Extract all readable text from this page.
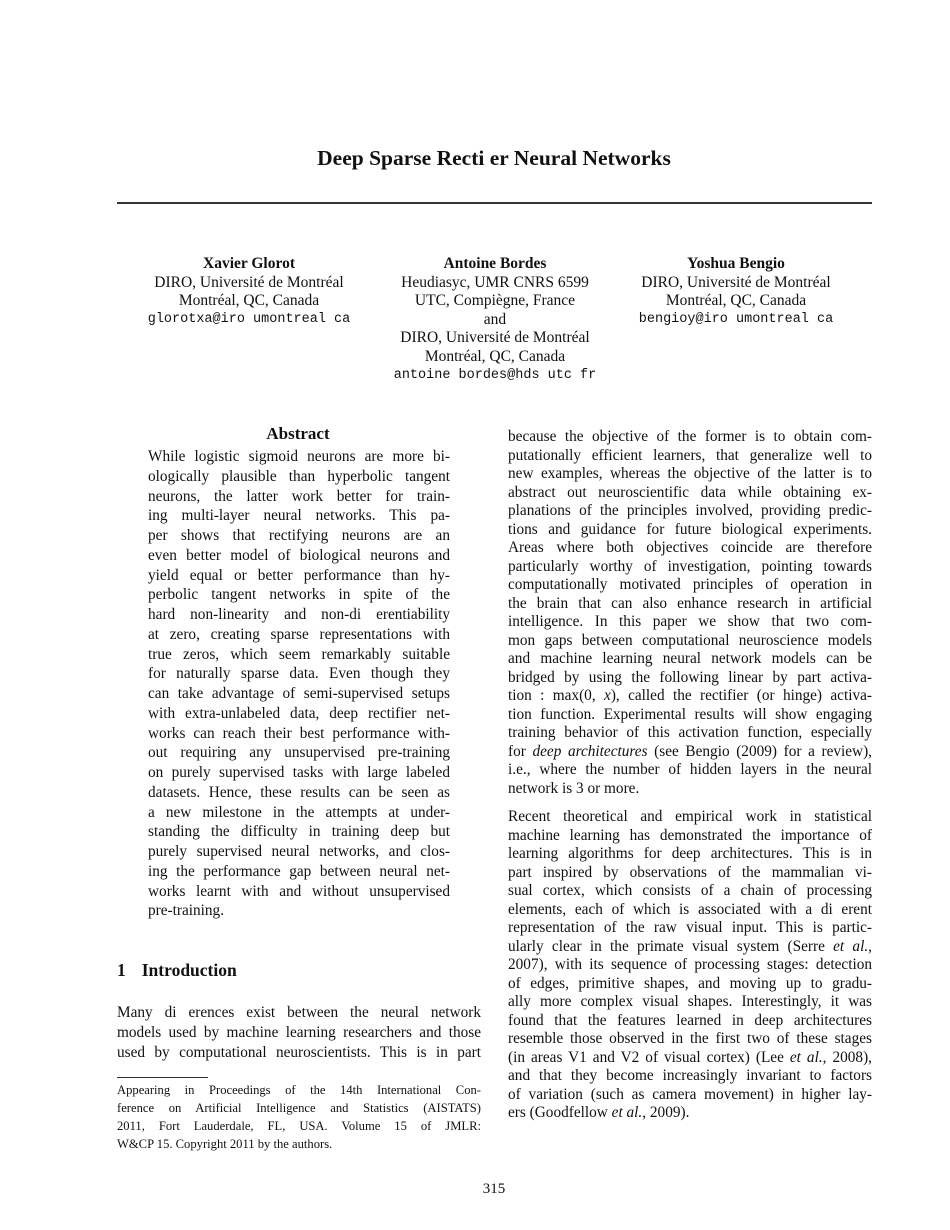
Deep Sparse Recti er Neural Networks
Xavier Glorot
DIRO, Université de Montréal
Montréal, QC, Canada
glorotxa@iro umontreal ca
Antoine Bordes
Heudiasyc, UMR CNRS 6599
UTC, Compiègne, France
and
DIRO, Université de Montréal
Montréal, QC, Canada
antoine bordes@hds utc fr
Yoshua Bengio
DIRO, Université de Montréal
Montréal, QC, Canada
bengioy@iro umontreal ca
Abstract
While logistic sigmoid neurons are more bi-
ologically plausible than hyperbolic tangent
neurons, the latter work better for train-
ing multi-layer neural networks. This pa-
per shows that rectifying neurons are an
even better model of biological neurons and
yield equal or better performance than hy-
perbolic tangent networks in spite of the
hard non-linearity and non-di erentiability
at zero, creating sparse representations with
true zeros, which seem remarkably suitable
for naturally sparse data. Even though they
can take advantage of semi-supervised setups
with extra-unlabeled data, deep rectifier net-
works can reach their best performance with-
out requiring any unsupervised pre-training
on purely supervised tasks with large labeled
datasets. Hence, these results can be seen as
a new milestone in the attempts at under-
standing the difficulty in training deep but
purely supervised neural networks, and clos-
ing the performance gap between neural net-
works learnt with and without unsupervised
pre-training.
1 Introduction
Many di erences exist between the neural network
models used by machine learning researchers and those
used by computational neuroscientists. This is in part
because the objective of the former is to obtain com-
putationally efficient learners, that generalize well to
new examples, whereas the objective of the latter is to
abstract out neuroscientific data while obtaining ex-
planations of the principles involved, providing predic-
tions and guidance for future biological experiments.
Areas where both objectives coincide are therefore
particularly worthy of investigation, pointing towards
computationally motivated principles of operation in
the brain that can also enhance research in artificial
intelligence. In this paper we show that two com-
mon gaps between computational neuroscience models
and machine learning neural network models can be
bridged by using the following linear by part activa-
tion : max(0, x), called the rectifier (or hinge) activa-
tion function. Experimental results will show engaging
training behavior of this activation function, especially
for deep architectures (see Bengio (2009) for a review),
i.e., where the number of hidden layers in the neural
network is 3 or more.
Recent theoretical and empirical work in statistical
machine learning has demonstrated the importance of
learning algorithms for deep architectures. This is in
part inspired by observations of the mammalian vi-
sual cortex, which consists of a chain of processing
elements, each of which is associated with a di erent
representation of the raw visual input. This is partic-
ularly clear in the primate visual system (Serre et al.,
2007), with its sequence of processing stages: detection
of edges, primitive shapes, and moving up to gradu-
ally more complex visual shapes. Interestingly, it was
found that the features learned in deep architectures
resemble those observed in the first two of these stages
(in areas V1 and V2 of visual cortex) (Lee et al., 2008),
and that they become increasingly invariant to factors
of variation (such as camera movement) in higher lay-
ers (Goodfellow et al., 2009).
Appearing in Proceedings of the 14th International Con-
ference on Artificial Intelligence and Statistics (AISTATS)
2011, Fort Lauderdale, FL, USA. Volume 15 of JMLR:
W&CP 15. Copyright 2011 by the authors.
315
